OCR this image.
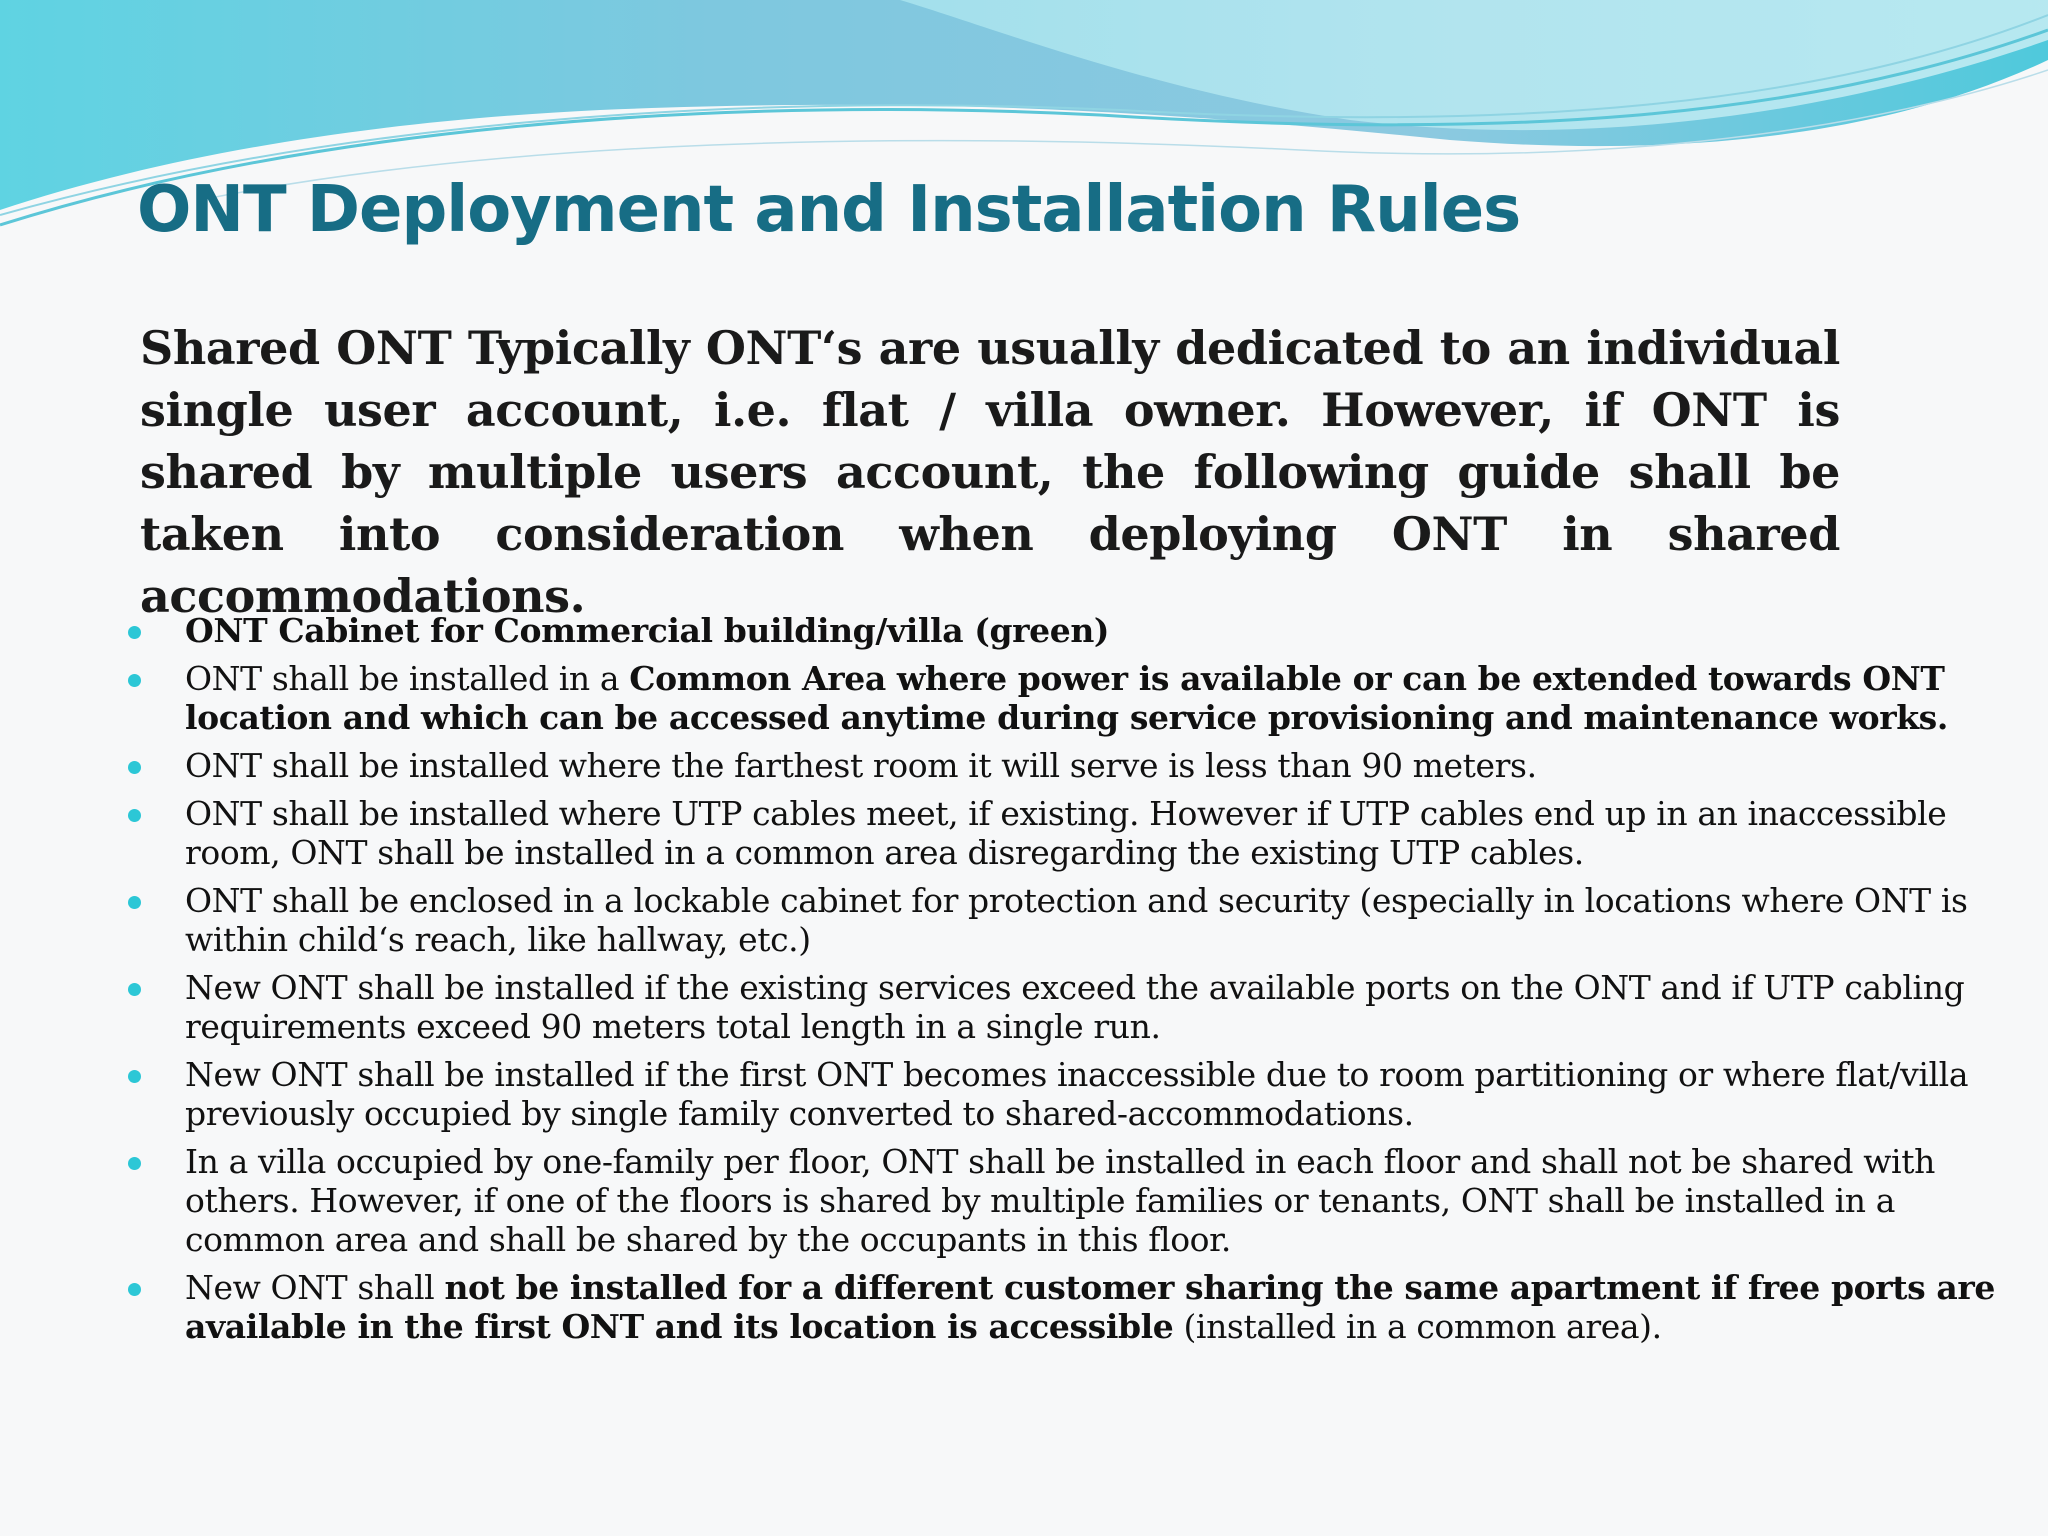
ONT Deployment and Installation Rules

Shared ONT Typically ONT‘s are usually dedicated to an individual single user account, i.e. flat / villa owner. However, if ONT is shared by multiple users account, the following guide shall be taken into consideration when deploying ONT in shared accommodations.

ONT Cabinet for Commercial building/villa (green)
ONT shall be installed in a Common Area where power is available or can be extended towards ONT location and which can be accessed anytime during service provisioning and maintenance works.
ONT shall be installed where the farthest room it will serve is less than 90 meters.
ONT shall be installed where UTP cables meet, if existing. However if UTP cables end up in an inaccessible room, ONT shall be installed in a common area disregarding the existing UTP cables.
ONT shall be enclosed in a lockable cabinet for protection and security (especially in locations where ONT is within child‘s reach, like hallway, etc.)
New ONT shall be installed if the existing services exceed the available ports on the ONT and if UTP cabling requirements exceed 90 meters total length in a single run.
New ONT shall be installed if the first ONT becomes inaccessible due to room partitioning or where flat/villa previously occupied by single family converted to shared-accommodations.
In a villa occupied by one-family per floor, ONT shall be installed in each floor and shall not be shared with others. However, if one of the floors is shared by multiple families or tenants, ONT shall be installed in a common area and shall be shared by the occupants in this floor.
New ONT shall not be installed for a different customer sharing the same apartment if free ports are available in the first ONT and its location is accessible (installed in a common area).
